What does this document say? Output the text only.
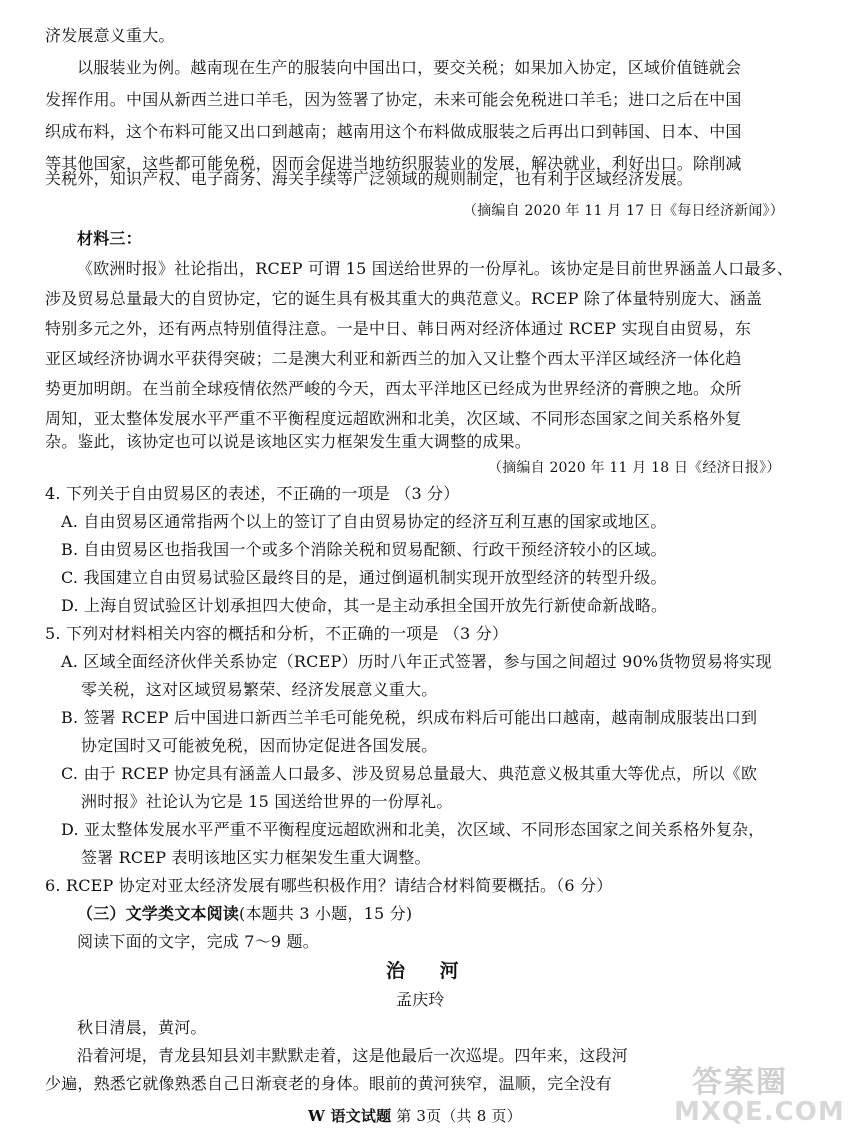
济发展意义重大。
以服装业为例。越南现在生产的服装向中国出口，要交关税；如果加入协定，区域价值链就会
发挥作用。中国从新西兰进口羊毛，因为签署了协定，未来可能会免税进口羊毛；进口之后在中国
织成布料，这个布料可能又出口到越南；越南用这个布料做成服装之后再出口到韩国、日本、中国
等其他国家，这些都可能免税，因而会促进当地纺织服装业的发展，解决就业，利好出口。除削减
关税外，知识产权、电子商务、海关手续等广泛领域的规则制定，也有利于区域经济发展。
（摘编自 2020 年 11 月 17 日《每日经济新闻》）
材料三：
《欧洲时报》社论指出，RCEP 可谓 15 国送给世界的一份厚礼。该协定是目前世界涵盖人口最多、
涉及贸易总量最大的自贸协定，它的诞生具有极其重大的典范意义。RCEP 除了体量特别庞大、涵盖
特别多元之外，还有两点特别值得注意。一是中日、韩日两对经济体通过 RCEP 实现自由贸易，东
亚区域经济协调水平获得突破；二是澳大利亚和新西兰的加入又让整个西太平洋区域经济一体化趋
势更加明朗。在当前全球疫情依然严峻的今天，西太平洋地区已经成为世界经济的膏腴之地。众所
周知，亚太整体发展水平严重不平衡程度远超欧洲和北美，次区域、不同形态国家之间关系格外复
杂。鉴此，该协定也可以说是该地区实力框架发生重大调整的成果。
（摘编自 2020 年 11 月 18 日《经济日报》）
4. 下列关于自由贸易区的表述，不正确的一项是 （3 分）
A. 自由贸易区通常指两个以上的签订了自由贸易协定的经济互利互惠的国家或地区。
B. 自由贸易区也指我国一个或多个消除关税和贸易配额、行政干预经济较小的区域。
C. 我国建立自由贸易试验区最终目的是，通过倒逼机制实现开放型经济的转型升级。
D. 上海自贸试验区计划承担四大使命，其一是主动承担全国开放先行新使命新战略。
5. 下列对材料相关内容的概括和分析，不正确的一项是 （3 分）
A. 区域全面经济伙伴关系协定（RCEP）历时八年正式签署，参与国之间超过 90%货物贸易将实现
零关税，这对区域贸易繁荣、经济发展意义重大。
B. 签署 RCEP 后中国进口新西兰羊毛可能免税，织成布料后可能出口越南，越南制成服装出口到
协定国时又可能被免税，因而协定促进各国发展。
C. 由于 RCEP 协定具有涵盖人口最多、涉及贸易总量最大、典范意义极其重大等优点，所以《欧
洲时报》社论认为它是 15 国送给世界的一份厚礼。
D. 亚太整体发展水平严重不平衡程度远超欧洲和北美，次区域、不同形态国家之间关系格外复杂，
签署 RCEP 表明该地区实力框架发生重大调整。
6. RCEP 协定对亚太经济发展有哪些积极作用？请结合材料简要概括。（6 分）
（三）文学类文本阅读(本题共 3 小题，15 分)
阅读下面的文字，完成 7～9 题。
治 河
孟庆玲
秋日清晨，黄河。
沿着河堤，青龙县知县刘丰默默走着，这是他最后一次巡堤。四年来，这段河
少遍，熟悉它就像熟悉自己日渐衰老的身体。眼前的黄河狭窄，温顺，完全没有
W 语文试题 第 3页（共 8 页）
答案圈
MXQE.COM
